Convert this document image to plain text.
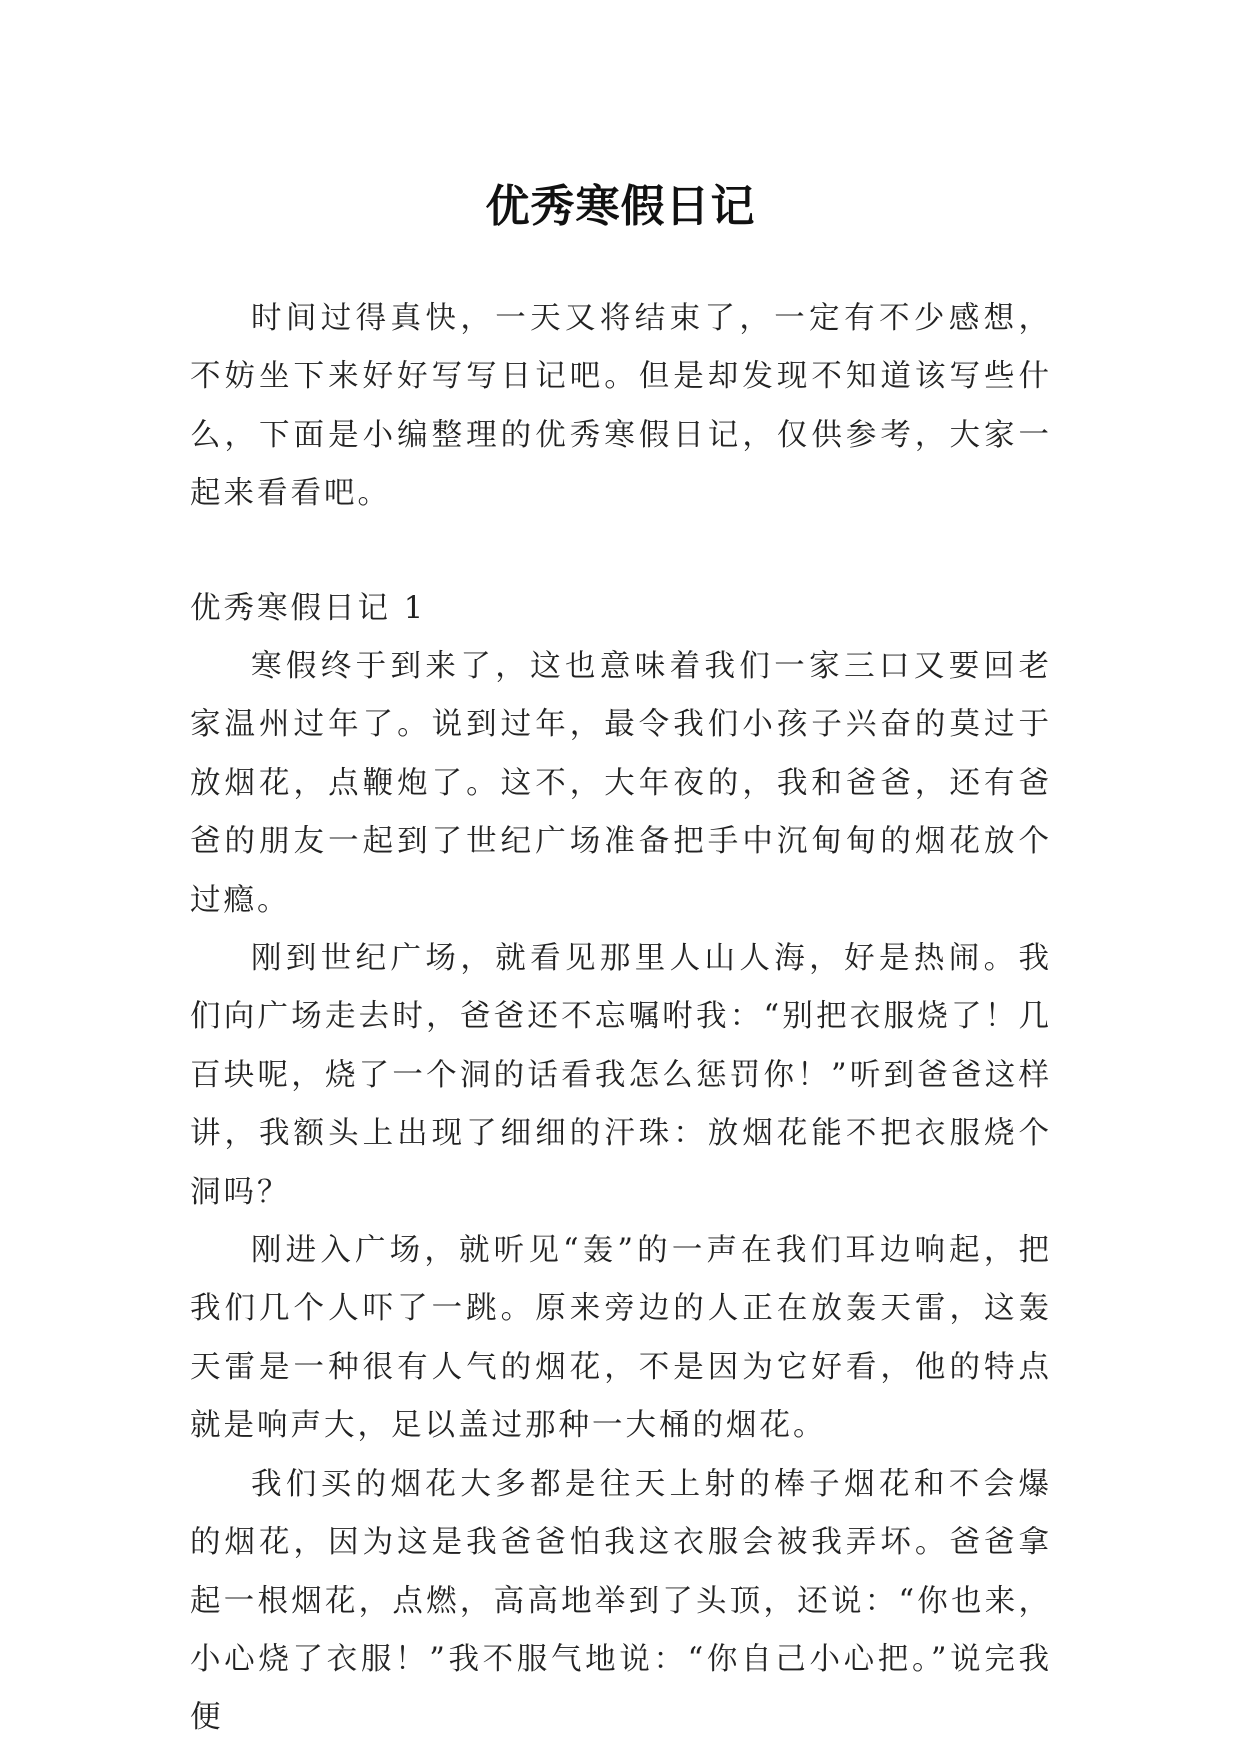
优秀寒假日记

时间过得真快，一天又将结束了，一定有不少感想，不妨坐下来好好写写日记吧。但是却发现不知道该写些什么，下面是小编整理的优秀寒假日记，仅供参考，大家一起来看看吧。

优秀寒假日记 1

寒假终于到来了，这也意味着我们一家三口又要回老家温州过年了。说到过年，最令我们小孩子兴奋的莫过于放烟花，点鞭炮了。这不，大年夜的，我和爸爸，还有爸爸的朋友一起到了世纪广场准备把手中沉甸甸的烟花放个过瘾。

刚到世纪广场，就看见那里人山人海，好是热闹。我们向广场走去时，爸爸还不忘嘱咐我：“别把衣服烧了！几百块呢，烧了一个洞的话看我怎么惩罚你！”听到爸爸这样讲，我额头上出现了细细的汗珠：放烟花能不把衣服烧个洞吗？

刚进入广场，就听见“轰”的一声在我们耳边响起，把我们几个人吓了一跳。原来旁边的人正在放轰天雷，这轰天雷是一种很有人气的烟花，不是因为它好看，他的特点就是响声大，足以盖过那种一大桶的烟花。

我们买的烟花大多都是往天上射的棒子烟花和不会爆的烟花，因为这是我爸爸怕我这衣服会被我弄坏。爸爸拿起一根烟花，点燃，高高地举到了头顶，还说：“你也来，小心烧了衣服！”我不服气地说：“你自己小心把。”说完我便
